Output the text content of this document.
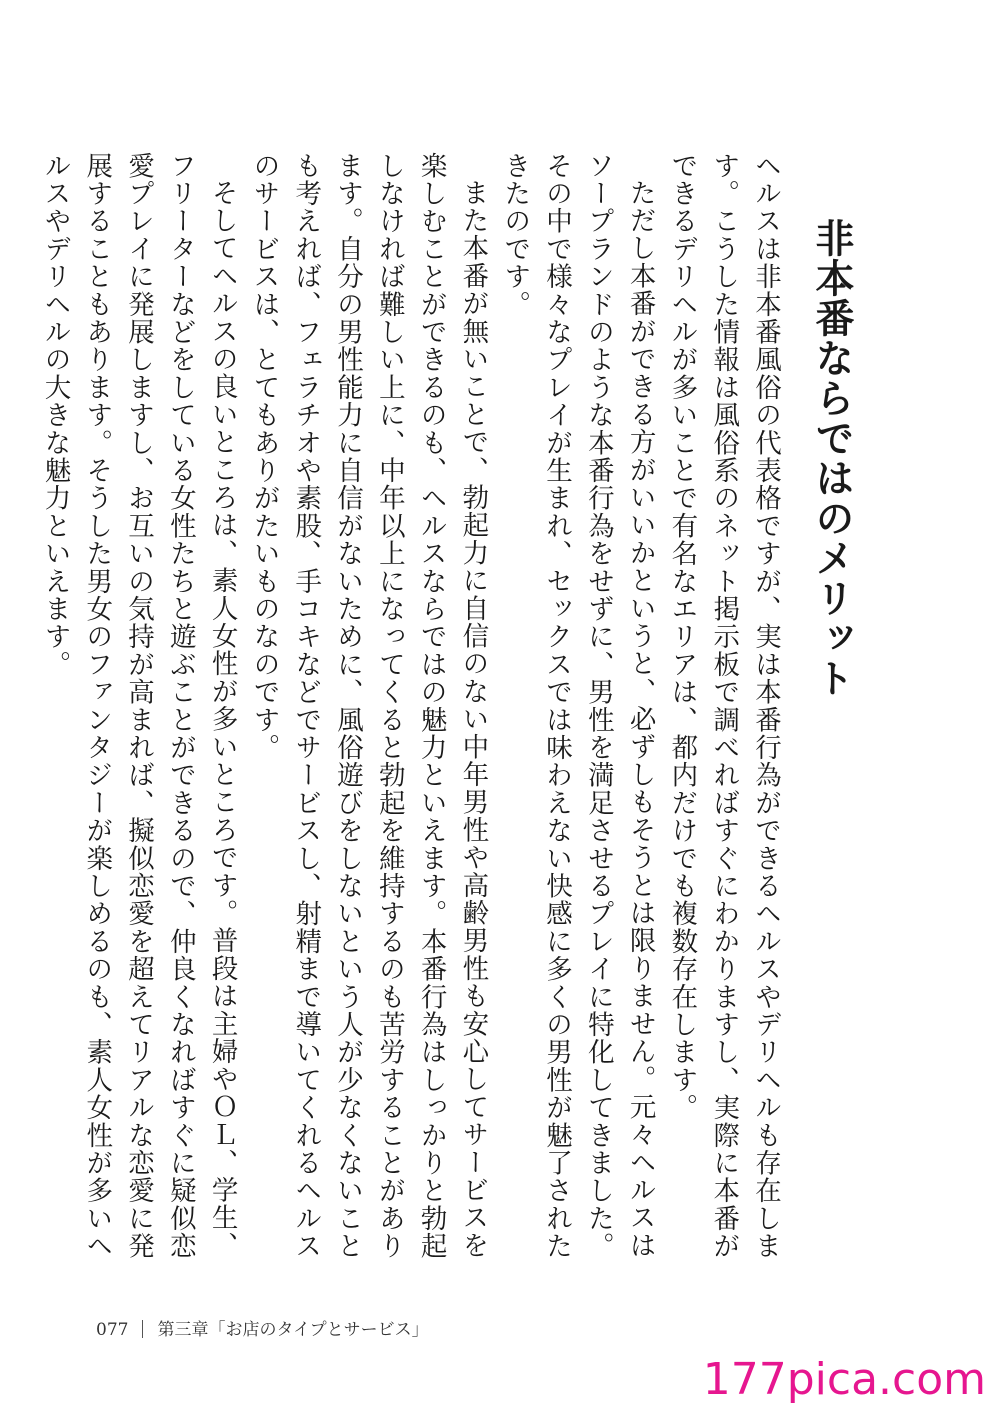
非本番ならではのメリット

ヘルスは非本番風俗の代表格ですが、実は本番行為ができるヘルスやデリヘルも存在します。こうした情報は風俗系のネット掲示板で調べればすぐにわかりますし、実際に本番ができるデリヘルが多いことで有名なエリアは、都内だけでも複数存在します。

ただし本番ができる方がいいかというと、必ずしもそうとは限りません。元々ヘルスはソープランドのような本番行為をせずに、男性を満足させるプレイに特化してきました。その中で様々なプレイが生まれ、セックスでは味わえない快感に多くの男性が魅了されたきたのです。

また本番が無いことで、勃起力に自信のない中年男性や高齢男性も安心してサービスを楽しむことができるのも、ヘルスならではの魅力といえます。本番行為はしっかりと勃起しなければ難しい上に、中年以上になってくると勃起を維持するのも苦労することがあります。自分の男性能力に自信がないために、風俗遊びをしないという人が少なくないことも考えれば、フェラチオや素股、手コキなどでサービスし、射精まで導いてくれるヘルスのサービスは、とてもありがたいものなのです。

そしてヘルスの良いところは、素人女性が多いところです。普段は主婦やＯＬ、学生、フリーターなどをしている女性たちと遊ぶことができるので、仲良くなればすぐに疑似恋愛プレイに発展しますし、お互いの気持が高まれば、擬似恋愛を超えてリアルな恋愛に発展することもあります。そうした男女のファンタジーが楽しめるのも、素人女性が多いヘルスやデリヘルの大きな魅力といえます。

077 第三章「お店のタイプとサービス」
177pica.com
